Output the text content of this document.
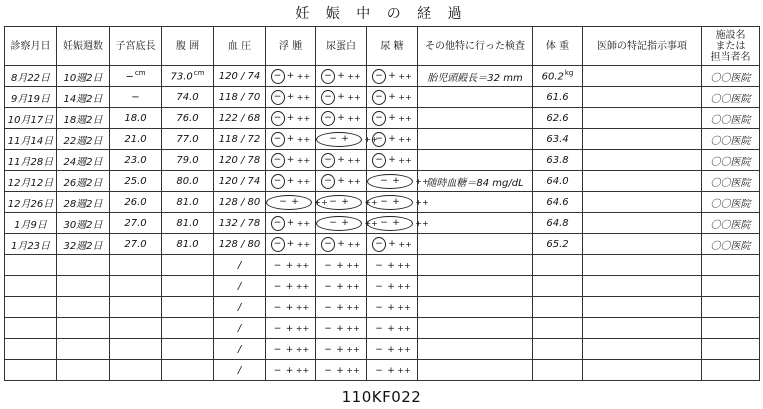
妊 娠 中 の 経 過
診察月日	妊娠週数	子宮底長	腹 囲	血 圧	浮 腫	尿蛋白	尿 糖	その他特に行った検査	体 重	医師の特記指示事項	施設名
または
担当者名

8月22日	10週2日	−$^{cm}$	$73.0^{cm}$	120 / 74	− + ++	− + ++	− + ++	胎児頭殿長＝32 mm	$60.2^{kg}$		〇〇医院
9月19日	14週2日	−	74.0	118 / 70	− + ++	− + ++	− + ++		61.6		〇〇医院
10月17日	18週2日	18.0	76.0	122 / 68	− + ++	− + ++	− + ++		62.6		〇〇医院
11月14日	22週2日	21.0	77.0	118 / 72	− + ++	− + ++	− + ++		63.4		〇〇医院
11月28日	24週2日	23.0	79.0	120 / 78	− + ++	− + ++	− + ++		63.8		〇〇医院
12月12日	26週2日	25.0	80.0	120 / 74	− + ++	− + ++	− + ++	随時血糖＝84 mg/dL	64.0		〇〇医院
12月26日	28週2日	26.0	81.0	128 / 80	− + ++	− + ++	− + ++		64.6		〇〇医院
1月9日	30週2日	27.0	81.0	132 / 78	− + ++	− + ++	− + ++		64.8		〇〇医院
1月23日	32週2日	27.0	81.0	128 / 80	− + ++	− + ++	− + ++		65.2		〇〇医院
				/	− + ++	− + ++	− + ++				

				/	− + ++	− + ++	− + ++				

				/	− + ++	− + ++	− + ++				

				/	− + ++	− + ++	− + ++				

				/	− + ++	− + ++	− + ++				

				/	− + ++	− + ++	− + ++				

110KF022
